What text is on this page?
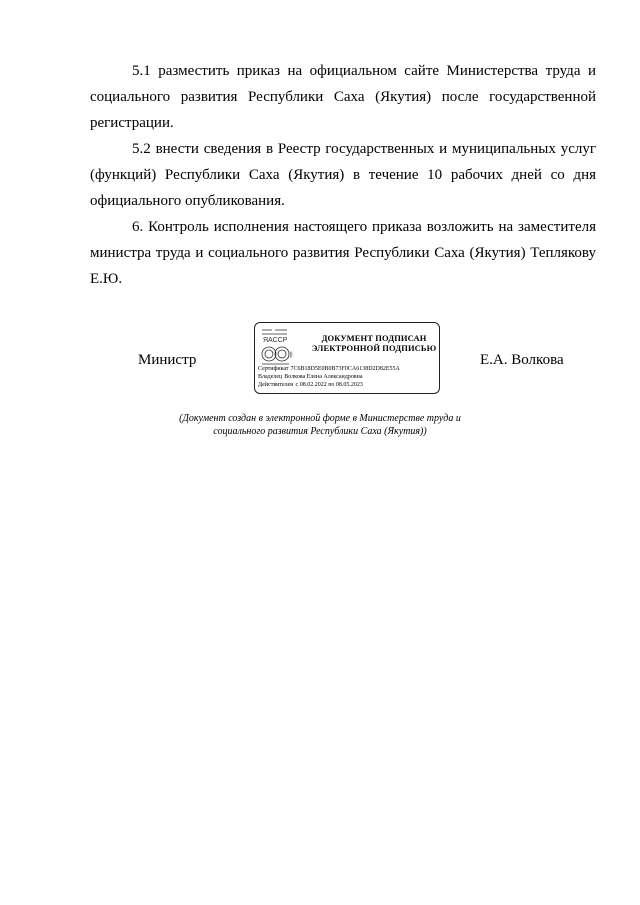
5.1 разместить приказ на официальном сайте Министерства труда и социального развития Республики Саха (Якутия) после государственной регистрации.

5.2 внести сведения в Реестр государственных и муниципальных услуг (функций) Республики Саха (Якутия) в течение 10 рабочих дней со дня официального опубликования.

6. Контроль исполнения настоящего приказа возложить на заместителя министра труда и социального развития Республики Саха (Якутия) Теплякову Е.Ю.

Министр
ЯАССР
|||
ДОКУМЕНТ ПОДПИСАН
ЭЛЕКТРОННОЙ ПОДПИСЬЮ
Сертификат 7C6B18D5E0B0B73F0CA6138D2D82E55A
Владелец Волкова Елена Александровна
Действителен с 08.02.2022 по 08.05.2023
Е.А. Волкова
(Документ создан в электронной форме в Министерстве труда и социального развития Республики Саха (Якутия))
